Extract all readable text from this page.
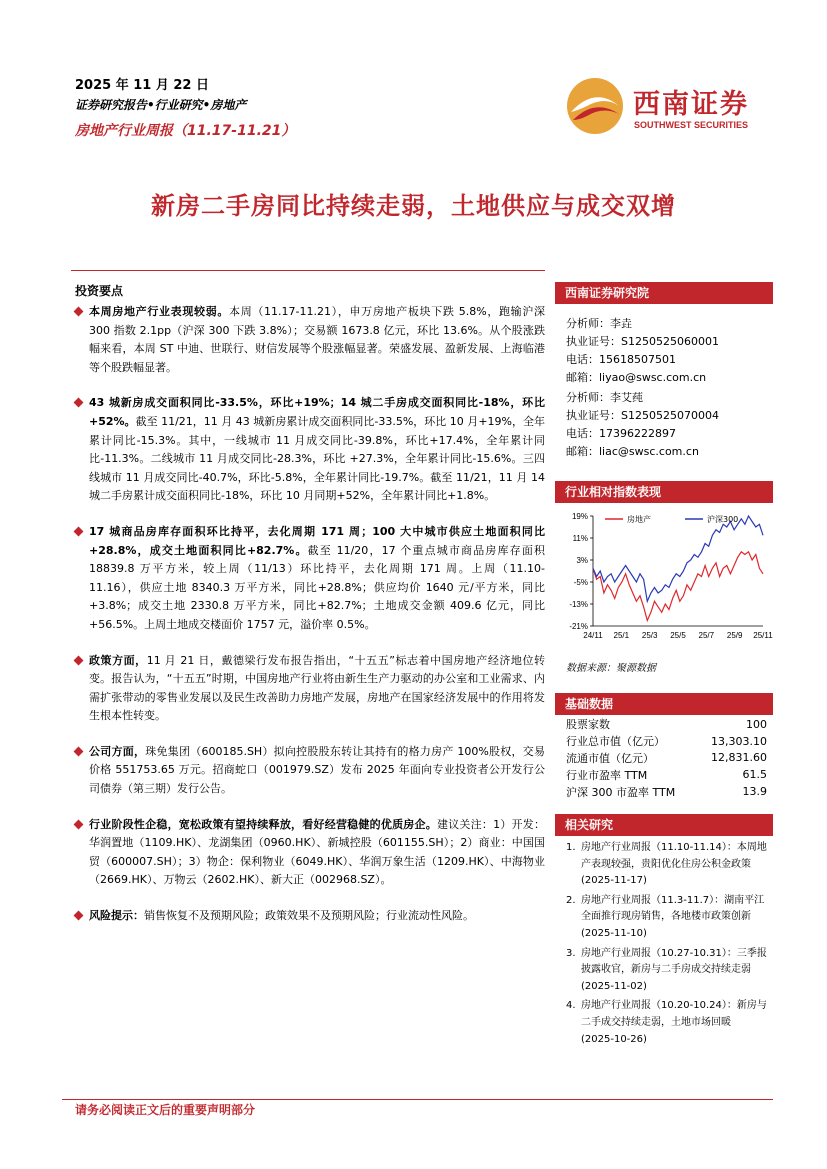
2025 年 11 月 22 日
证券研究报告•行业研究•房地产
房地产行业周报（11.17-11.21）
西南证券
SOUTHWEST SECURITIES
新房二手房同比持续走弱，土地供应与成交双增
投资要点
本周房地产行业表现较弱。本周（11.17-11.21），申万房地产板块下跌 5.8%，跑输沪深 300 指数 2.1pp（沪深 300 下跌 3.8%）；交易额 1673.8 亿元，环比 13.6%。从个股涨跌幅来看，本周 ST 中迪、世联行、财信发展等个股涨幅显著。荣盛发展、盈新发展、上海临港等个股跌幅显著。
43 城新房成交面积同比-33.5%，环比+19%；14 城二手房成交面积同比-18%，环比+52%。截至 11/21，11 月 43 城新房累计成交面积同比-33.5%，环比 10 月+19%，全年累计同比-15.3%。其中，一线城市 11 月成交同比-39.8%，环比+17.4%，全年累计同比-11.3%。二线城市 11 月成交同比-28.3%，环比 +27.3%，全年累计同比-15.6%。三四线城市 11 月成交同比-40.7%，环比-5.8%，全年累计同比-19.7%。截至 11/21，11 月 14 城二手房累计成交面积同比-18%，环比 10 月同期+52%，全年累计同比+1.8%。
17 城商品房库存面积环比持平，去化周期 171 周；100 大中城市供应土地面积同比+28.8%，成交土地面积同比+82.7%。截至 11/20，17 个重点城市商品房库存面积 18839.8 万平方米，较上周（11/13）环比持平，去化周期 171 周。上周（11.10-11.16），供应土地 8340.3 万平方米，同比+28.8%；供应均价 1640 元/平方米，同比+3.8%；成交土地 2330.8 万平方米，同比+82.7%；土地成交金额 409.6 亿元，同比+56.5%。上周土地成交楼面价 1757 元，溢价率 0.5%。
政策方面，11 月 21 日，戴德梁行发布报告指出，“十五五”标志着中国房地产经济地位转变。报告认为，“十五五”时期，中国房地产行业将由新生生产力驱动的办公室和工业需求、内需扩张带动的零售业发展以及民生改善助力房地产发展，房地产在国家经济发展中的作用将发生根本性转变。
公司方面，珠免集团（600185.SH）拟向控股股东转让其持有的格力房产 100%股权，交易价格 551753.65 万元。招商蛇口（001979.SZ）发布 2025 年面向专业投资者公开发行公司债券（第三期）发行公告。
行业阶段性企稳，宽松政策有望持续释放，看好经营稳健的优质房企。建议关注：1）开发：华润置地（1109.HK）、龙湖集团（0960.HK）、新城控股（601155.SH）；2）商业：中国国贸（600007.SH）；3）物企：保利物业（6049.HK）、华润万象生活（1209.HK）、中海物业（2669.HK）、万物云（2602.HK）、新大正（002968.SZ）。
风险提示：销售恢复不及预期风险；政策效果不及预期风险；行业流动性风险。
西南证券研究院
分析师：李垚
执业证号：S1250525060001
电话：15618507501
邮箱：liyao@swsc.com.cn
分析师：李艾莼
执业证号：S1250525070004
电话：17396222897
邮箱：liac@swsc.com.cn
行业相对指数表现
19%
11%
3%
-5%
-13%
-21%
24/11 25/1 25/3 25/5 25/7 25/9 25/11
房地产	沪深300
数据来源：聚源数据
基础数据
股票家数	100
行业总市值（亿元）	13,303.10
流通市值（亿元）	12,831.60
行业市盈率 TTM	61.5
沪深 300 市盈率 TTM	13.9
相关研究
1. 房地产行业周报（11.10-11.14）：本周地产表现较强，贵阳优化住房公积金政策　(2025-11-17)
2. 房地产行业周报（11.3-11.7）：湖南平江全面推行现房销售，各地楼市政策创新　(2025-11-10)
3. 房地产行业周报（10.27-10.31）：三季报披露收官，新房与二手房成交持续走弱　(2025-11-02)
4. 房地产行业周报（10.20-10.24）：新房与二手成交持续走弱，土地市场回暖　(2025-10-26)
请务必阅读正文后的重要声明部分
